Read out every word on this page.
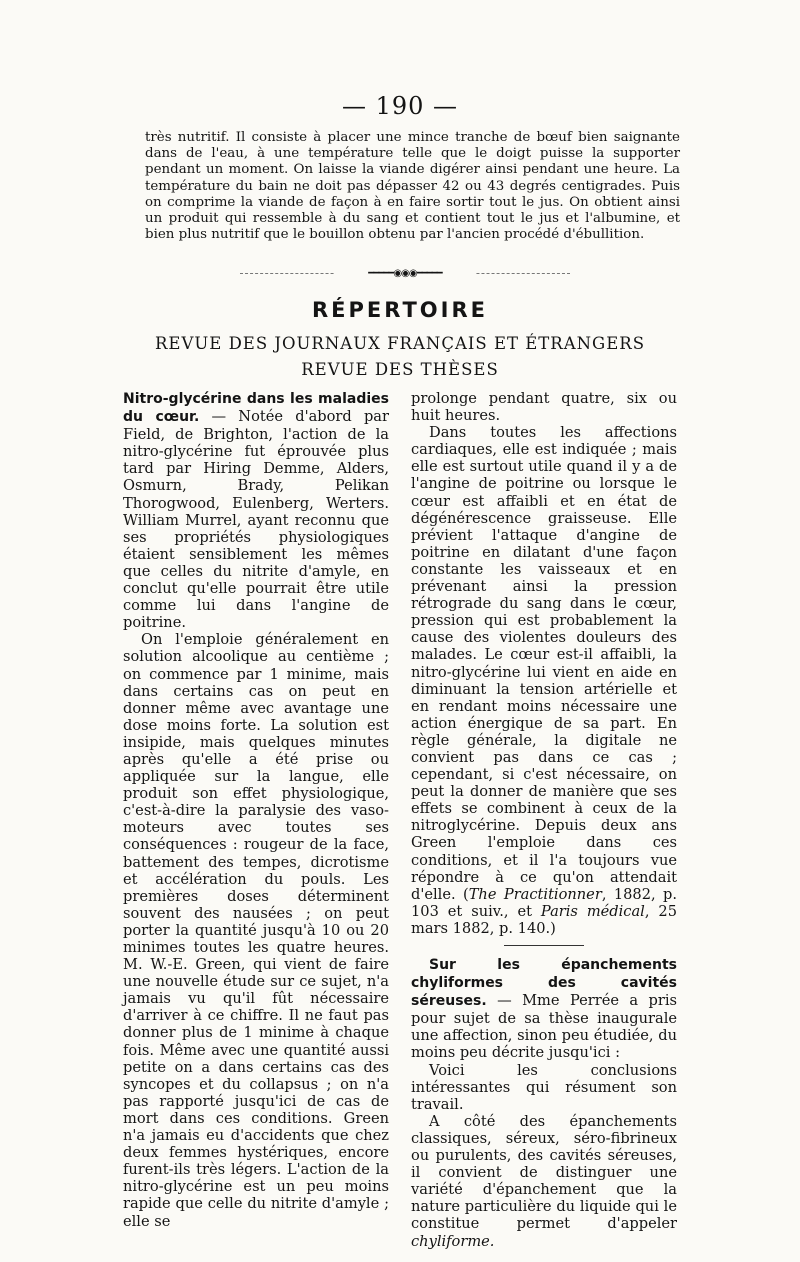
— 190 —

très nutritif. Il consiste à placer une mince tranche de bœuf bien saignante dans de l'eau, à une température telle que le doigt puisse la supporter pendant un moment. On laisse la viande digérer ainsi pendant une heure. La température du bain ne doit pas dépasser 42 ou 43 degrés centigrades. Puis on comprime la viande de façon à en faire sortir tout le jus. On obtient ainsi un produit qui ressemble à du sang et contient tout le jus et l'albumine, et bien plus nutritif que le bouillon obtenu par l'ancien procédé d'ébullition.

━━━━━◉◉◉━━━━━
RÉPERTOIRE
REVUE DES JOURNAUX FRANÇAIS ET ÉTRANGERS
REVUE DES THÈSES

Nitro-glycérine dans les maladies du cœur. — Notée d'abord par Field, de Brighton, l'action de la nitro-glycérine fut éprouvée plus tard par Hiring Demme, Alders, Osmurn, Brady, Pelikan Thorogwood, Eulenberg, Werters. William Murrel, ayant reconnu que ses propriétés physiologiques étaient sensiblement les mêmes que celles du nitrite d'amyle, en conclut qu'elle pourrait être utile comme lui dans l'angine de poitrine.

On l'emploie généralement en solution alcoolique au centième ; on commence par 1 minime, mais dans certains cas on peut en donner même avec avantage une dose moins forte. La solution est insipide, mais quelques minutes après qu'elle a été prise ou appliquée sur la langue, elle produit son effet physiologique, c'est-à-dire la paralysie des vaso-moteurs avec toutes ses conséquences : rougeur de la face, battement des tempes, dicrotisme et accélération du pouls. Les premières doses déterminent souvent des nausées ; on peut porter la quantité jusqu'à 10 ou 20 minimes toutes les quatre heures. M. W.-E. Green, qui vient de faire une nouvelle étude sur ce sujet, n'a jamais vu qu'il fût nécessaire d'arriver à ce chiffre. Il ne faut pas donner plus de 1 minime à chaque fois. Même avec une quantité aussi petite on a dans certains cas des syncopes et du collapsus ; on n'a pas rapporté jusqu'ici de cas de mort dans ces conditions. Green n'a jamais eu d'accidents que chez deux femmes hystériques, encore furent-ils très légers. L'action de la nitro-glycérine est un peu moins rapide que celle du nitrite d'amyle ; elle se

prolonge pendant quatre, six ou huit heures.

Dans toutes les affections cardiaques, elle est indiquée ; mais elle est surtout utile quand il y a de l'angine de poitrine ou lorsque le cœur est affaibli et en état de dégénérescence graisseuse. Elle prévient l'attaque d'angine de poitrine en dilatant d'une façon constante les vaisseaux et en prévenant ainsi la pression rétrograde du sang dans le cœur, pression qui est probablement la cause des violentes douleurs des malades. Le cœur est-il affaibli, la nitro-glycérine lui vient en aide en diminuant la tension artérielle et en rendant moins nécessaire une action énergique de sa part. En règle générale, la digitale ne convient pas dans ce cas ; cependant, si c'est nécessaire, on peut la donner de manière que ses effets se combinent à ceux de la nitroglycérine. Depuis deux ans Green l'emploie dans ces conditions, et il l'a toujours vue répondre à ce qu'on attendait d'elle. (The Practitionner, 1882, p. 103 et suiv., et Paris médical, 25 mars 1882, p. 140.)

Sur les épanchements chyliformes des cavités séreuses. — Mme Perrée a pris pour sujet de sa thèse inaugurale une affection, sinon peu étudiée, du moins peu décrite jusqu'ici :

Voici les conclusions intéressantes qui résument son travail.

A côté des épanchements classiques, séreux, séro-fibrineux ou purulents, des cavités séreuses, il convient de distinguer une variété d'épanchement que la nature particulière du liquide qui le constitue permet d'appeler chyliforme.
